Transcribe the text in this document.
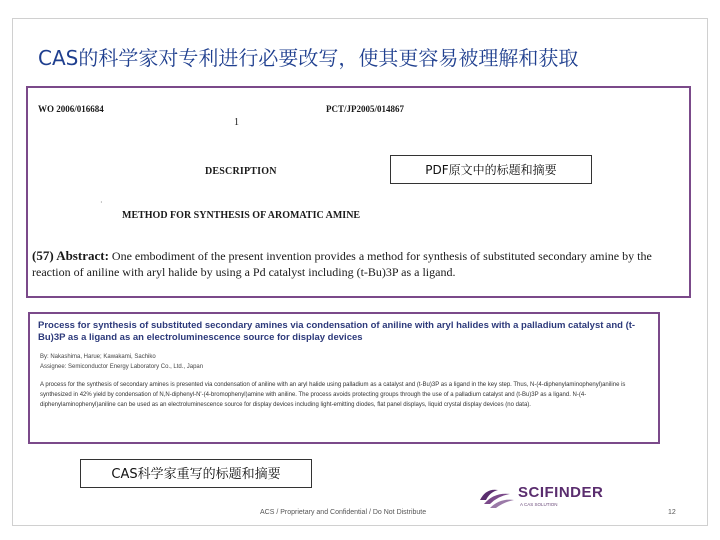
CAS的科学家对专利进行必要改写，使其更容易被理解和获取
WO 2006/016684	PCT/JP2005/014867
1
DESCRIPTION
·
METHOD FOR SYNTHESIS OF AROMATIC AMINE
(57) Abstract: One embodiment of the present invention provides a method for synthesis of substituted secondary amine by the reaction of aniline with aryl halide by using a Pd catalyst including (t-Bu)3P as a ligand.
PDF原文中的标题和摘要
Process for synthesis of substituted secondary amines via condensation of aniline with aryl halides with a palladium catalyst and (t-Bu)3P as a ligand as an electroluminescence source for display devices
By: Nakashima, Harue; Kawakami, Sachiko
Assignee: Semiconductor Energy Laboratory Co., Ltd., Japan
A process for the synthesis of secondary amines is presented via condensation of aniline with an aryl halide using palladium as a catalyst and (t-Bu)3P as a ligand in the key step. Thus, N-(4-diphenylaminophenyl)aniline is synthesized in 42% yield by condensation of N,N-diphenyl-N'-(4-bromophenyl)amine with aniline. The process avoids protecting groups through the use of a palladium catalyst and (t-Bu)3P as a ligand. N-(4-diphenylaminophenyl)aniline can be used as an electroluminescence source for display devices including light-emitting diodes, flat panel displays, liquid crystal display devices (no data).
CAS科学家重写的标题和摘要
SCIFINDER
A CAS SOLUTION
ACS / Proprietary and Confidential / Do Not Distribute	12
